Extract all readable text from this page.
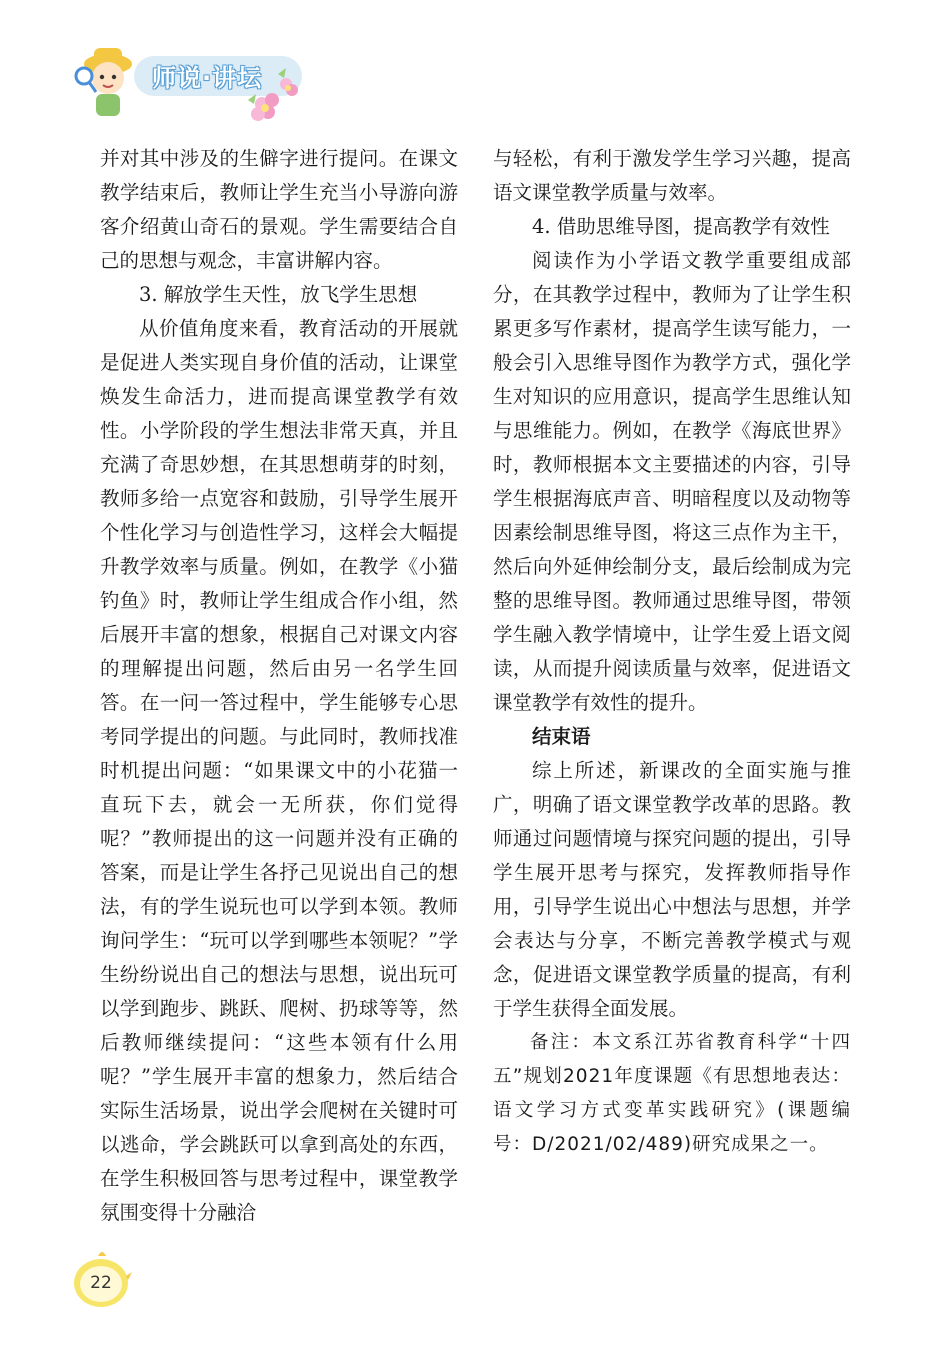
师说·讲坛

并对其中涉及的生僻字进行提问。在课文教学结束后，教师让学生充当小导游向游客介绍黄山奇石的景观。学生需要结合自己的思想与观念，丰富讲解内容。

3. 解放学生天性，放飞学生思想

从价值角度来看，教育活动的开展就是促进人类实现自身价值的活动，让课堂焕发生命活力，进而提高课堂教学有效性。小学阶段的学生想法非常天真，并且充满了奇思妙想，在其思想萌芽的时刻，教师多给一点宽容和鼓励，引导学生展开个性化学习与创造性学习，这样会大幅提升教学效率与质量。例如，在教学《小猫钓鱼》时，教师让学生组成合作小组，然后展开丰富的想象，根据自己对课文内容的理解提出问题，然后由另一名学生回答。在一问一答过程中，学生能够专心思考同学提出的问题。与此同时，教师找准时机提出问题：“如果课文中的小花猫一直玩下去，就会一无所获，你们觉得呢？”教师提出的这一问题并没有正确的答案，而是让学生各抒己见说出自己的想法，有的学生说玩也可以学到本领。教师询问学生：“玩可以学到哪些本领呢？”学生纷纷说出自己的想法与思想，说出玩可以学到跑步、跳跃、爬树、扔球等等，然后教师继续提问：“这些本领有什么用呢？”学生展开丰富的想象力，然后结合实际生活场景，说出学会爬树在关键时可以逃命，学会跳跃可以拿到高处的东西，在学生积极回答与思考过程中，课堂教学氛围变得十分融洽

与轻松，有利于激发学生学习兴趣，提高语文课堂教学质量与效率。

4. 借助思维导图，提高教学有效性

阅读作为小学语文教学重要组成部分，在其教学过程中，教师为了让学生积累更多写作素材，提高学生读写能力，一般会引入思维导图作为教学方式，强化学生对知识的应用意识，提高学生思维认知与思维能力。例如，在教学《海底世界》时，教师根据本文主要描述的内容，引导学生根据海底声音、明暗程度以及动物等因素绘制思维导图，将这三点作为主干，然后向外延伸绘制分支，最后绘制成为完整的思维导图。教师通过思维导图，带领学生融入教学情境中，让学生爱上语文阅读，从而提升阅读质量与效率，促进语文课堂教学有效性的提升。

结束语

综上所述，新课改的全面实施与推广，明确了语文课堂教学改革的思路。教师通过问题情境与探究问题的提出，引导学生展开思考与探究，发挥教师指导作用，引导学生说出心中想法与思想，并学会表达与分享，不断完善教学模式与观念，促进语文课堂教学质量的提高，有利于学生获得全面发展。

备注：本文系江苏省教育科学“十四五”规划2021年度课题《有思想地表达：语文学习方式变革实践研究》(课题编号：D/2021/02/489)研究成果之一。

22
